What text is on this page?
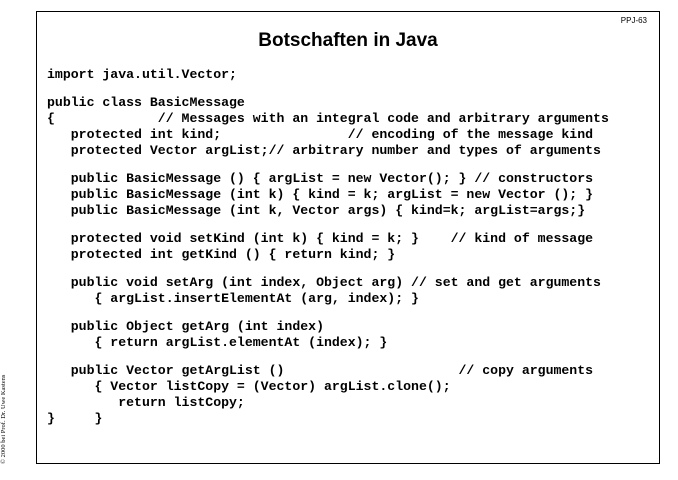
PPJ-63
Botschaften in Java
import java.util.Vector;
public class BasicMessage
{             // Messages with an integral code and arbitrary arguments
protected int kind;                // encoding of the message kind
protected Vector argList;// arbitrary number and types of arguments
public BasicMessage () { argList = new Vector(); } // constructors
public BasicMessage (int k) { kind = k; argList = new Vector (); }
public BasicMessage (int k, Vector args) { kind=k; argList=args;}
protected void setKind (int k) { kind = k; }    // kind of message
protected int getKind () { return kind; }
public void setArg (int index, Object arg) // set and get arguments
{ argList.insertElementAt (arg, index); }
public Object getArg (int index)
{ return argList.elementAt (index); }
public Vector getArgList ()                      // copy arguments
{ Vector listCopy = (Vector) argList.clone();
return listCopy;
}     }
© 2000 bei Prof. Dr. Uwe Kastens
